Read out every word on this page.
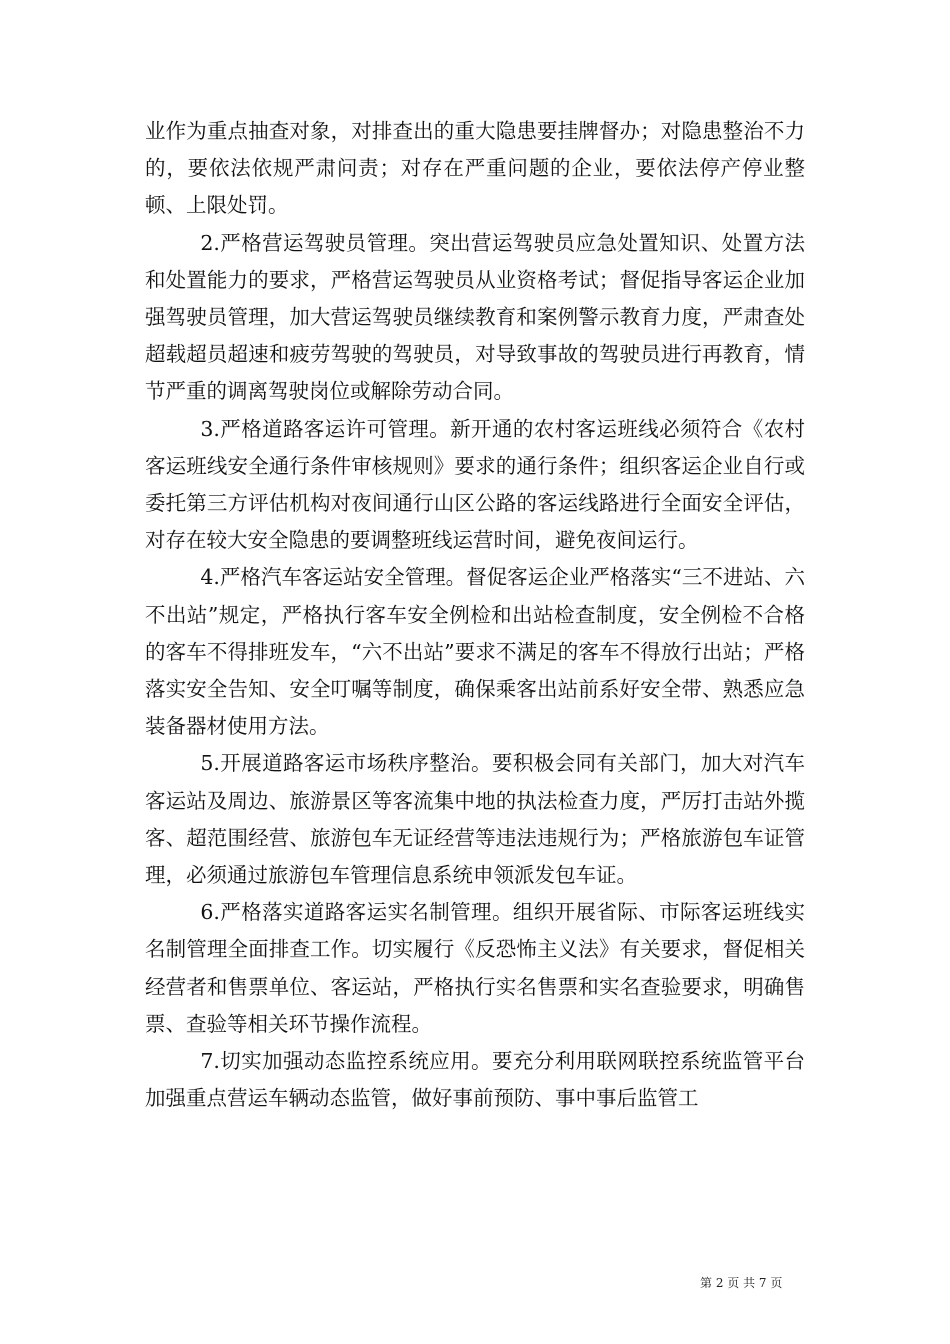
业作为重点抽查对象，对排查出的重大隐患要挂牌督办；对隐患整治不力的，要依法依规严肃问责；对存在严重问题的企业，要依法停产停业整顿、上限处罚。

2.严格营运驾驶员管理。突出营运驾驶员应急处置知识、处置方法和处置能力的要求，严格营运驾驶员从业资格考试；督促指导客运企业加强驾驶员管理，加大营运驾驶员继续教育和案例警示教育力度，严肃查处超载超员超速和疲劳驾驶的驾驶员，对导致事故的驾驶员进行再教育，情节严重的调离驾驶岗位或解除劳动合同。

3.严格道路客运许可管理。新开通的农村客运班线必须符合《农村客运班线安全通行条件审核规则》要求的通行条件；组织客运企业自行或委托第三方评估机构对夜间通行山区公路的客运线路进行全面安全评估，对存在较大安全隐患的要调整班线运营时间，避免夜间运行。

4.严格汽车客运站安全管理。督促客运企业严格落实“三不进站、六不出站”规定，严格执行客车安全例检和出站检查制度，安全例检不合格的客车不得排班发车，“六不出站”要求不满足的客车不得放行出站；严格落实安全告知、安全叮嘱等制度，确保乘客出站前系好安全带、熟悉应急装备器材使用方法。

5.开展道路客运市场秩序整治。要积极会同有关部门，加大对汽车客运站及周边、旅游景区等客流集中地的执法检查力度，严厉打击站外揽客、超范围经营、旅游包车无证经营等违法违规行为；严格旅游包车证管理，必须通过旅游包车管理信息系统申领派发包车证。

6.严格落实道路客运实名制管理。组织开展省际、市际客运班线实名制管理全面排查工作。切实履行《反恐怖主义法》有关要求，督促相关经营者和售票单位、客运站，严格执行实名售票和实名查验要求，明确售票、查验等相关环节操作流程。

7.切实加强动态监控系统应用。要充分利用联网联控系统监管平台加强重点营运车辆动态监管，做好事前预防、事中事后监管工

第 2 页 共 7 页
